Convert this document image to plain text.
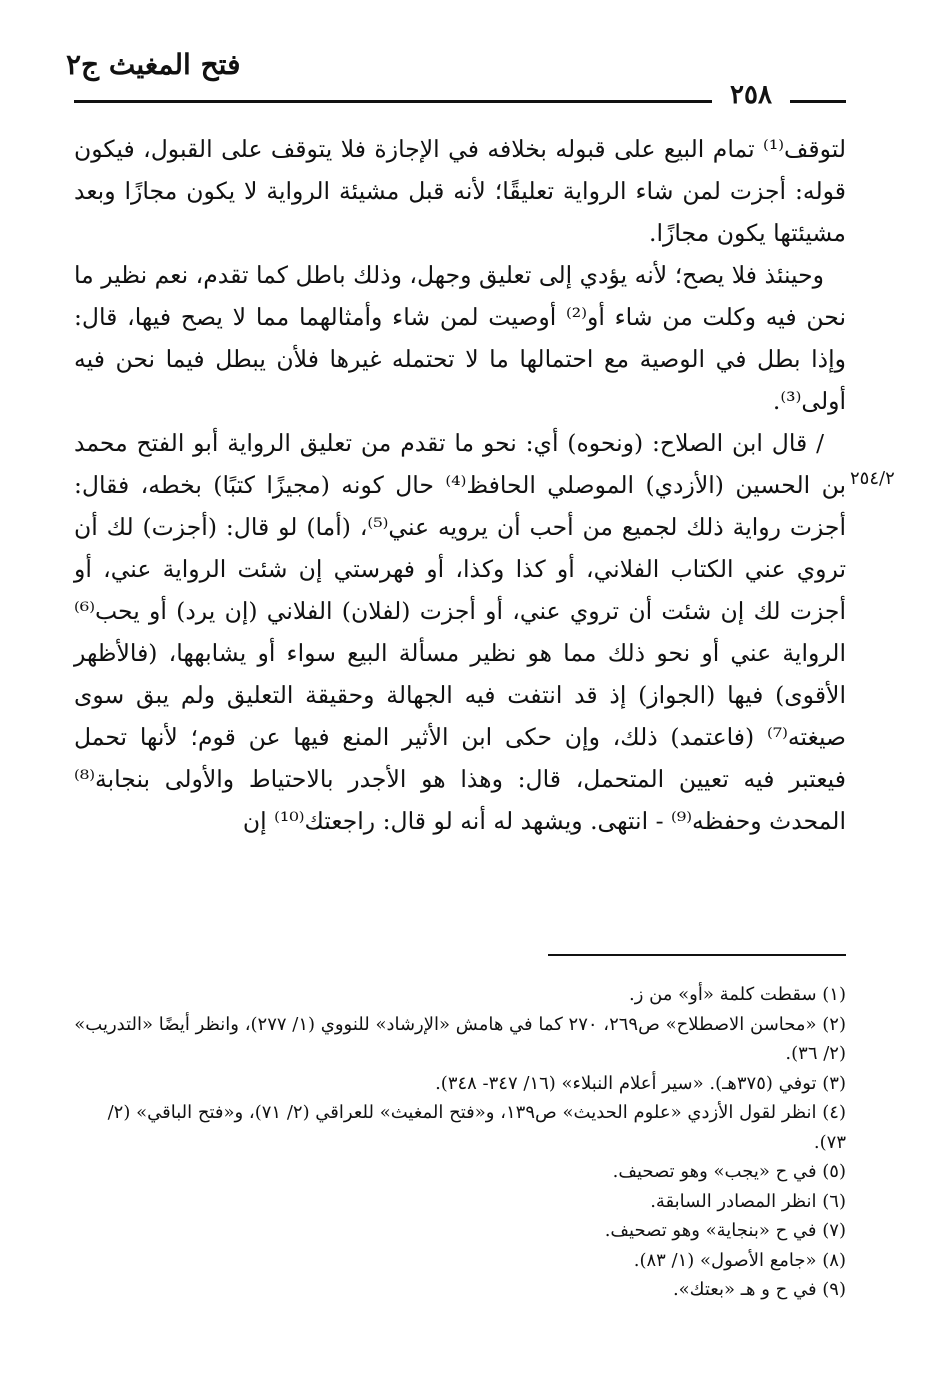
فتح المغيث ج٢
٢٥٨

لتوقف⁽¹⁾ تمام البيع على قبوله بخلافه في الإجازة فلا يتوقف على القبول، فيكون قوله: أجزت لمن شاء الرواية تعليقًا؛ لأنه قبل مشيئة الرواية لا يكون مجازًا وبعد مشيئتها يكون مجازًا.

وحينئذ فلا يصح؛ لأنه يؤدي إلى تعليق وجهل، وذلك باطل كما تقدم، نعم نظير ما نحن فيه وكلت من شاء أو⁽²⁾ أوصيت لمن شاء وأمثالهما مما لا يصح فيها، قال: وإذا بطل في الوصية مع احتمالها ما لا تحتمله غيرها فلأن يبطل فيما نحن فيه أولى⁽³⁾.

/ قال ابن الصلاح: (ونحوه) أي: نحو ما تقدم من تعليق الرواية أبو الفتح محمد بن الحسين (الأزدي) الموصلي الحافظ⁽⁴⁾ حال كونه (مجيزًا كتبًا) بخطه، فقال: أجزت رواية ذلك لجميع من أحب أن يرويه عني⁽⁵⁾، (أما) لو قال: (أجزت) لك أن تروي عني الكتاب الفلاني، أو كذا وكذا، أو فهرستي إن شئت الرواية عني، أو أجزت لك إن شئت أن تروي عني، أو أجزت (لفلان) الفلاني (إن يرد) أو يحب⁽⁶⁾ الرواية عني أو نحو ذلك مما هو نظير مسألة البيع سواء أو يشابهها، (فالأظهر الأقوى) فيها (الجواز) إذ قد انتفت فيه الجهالة وحقيقة التعليق ولم يبق سوى صيغته⁽⁷⁾ (فاعتمد) ذلك، وإن حكى ابن الأثير المنع فيها عن قوم؛ لأنها تحمل فيعتبر فيه تعيين المتحمل، قال: وهذا هو الأجدر بالاحتياط والأولى بنجابة⁽⁸⁾ المحدث وحفظه⁽⁹⁾ - انتهى. ويشهد له أنه لو قال: راجعتك⁽¹⁰⁾ إن

٢٥٤/٢

(١) سقطت كلمة «أو» من ز.

(٢) «محاسن الاصطلاح» ص٢٦٩، ٢٧٠ كما في هامش «الإرشاد» للنووي (١/ ٢٧٧)، وانظر أيضًا «التدريب» (٢/ ٣٦).

(٣) توفي (٣٧٥هـ). «سير أعلام النبلاء» (١٦/ ٣٤٧- ٣٤٨).

(٤) انظر لقول الأزدي «علوم الحديث» ص١٣٩، و«فتح المغيث» للعراقي (٢/ ٧١)، و«فتح الباقي» (٢/ ٧٣).

(٥) في ح «يجب» وهو تصحيف.

(٦) انظر المصادر السابقة.

(٧) في ح «بنجاية» وهو تصحيف.

(٨) «جامع الأصول» (١/ ٨٣).

(٩) في ح و هـ «بعتك».
